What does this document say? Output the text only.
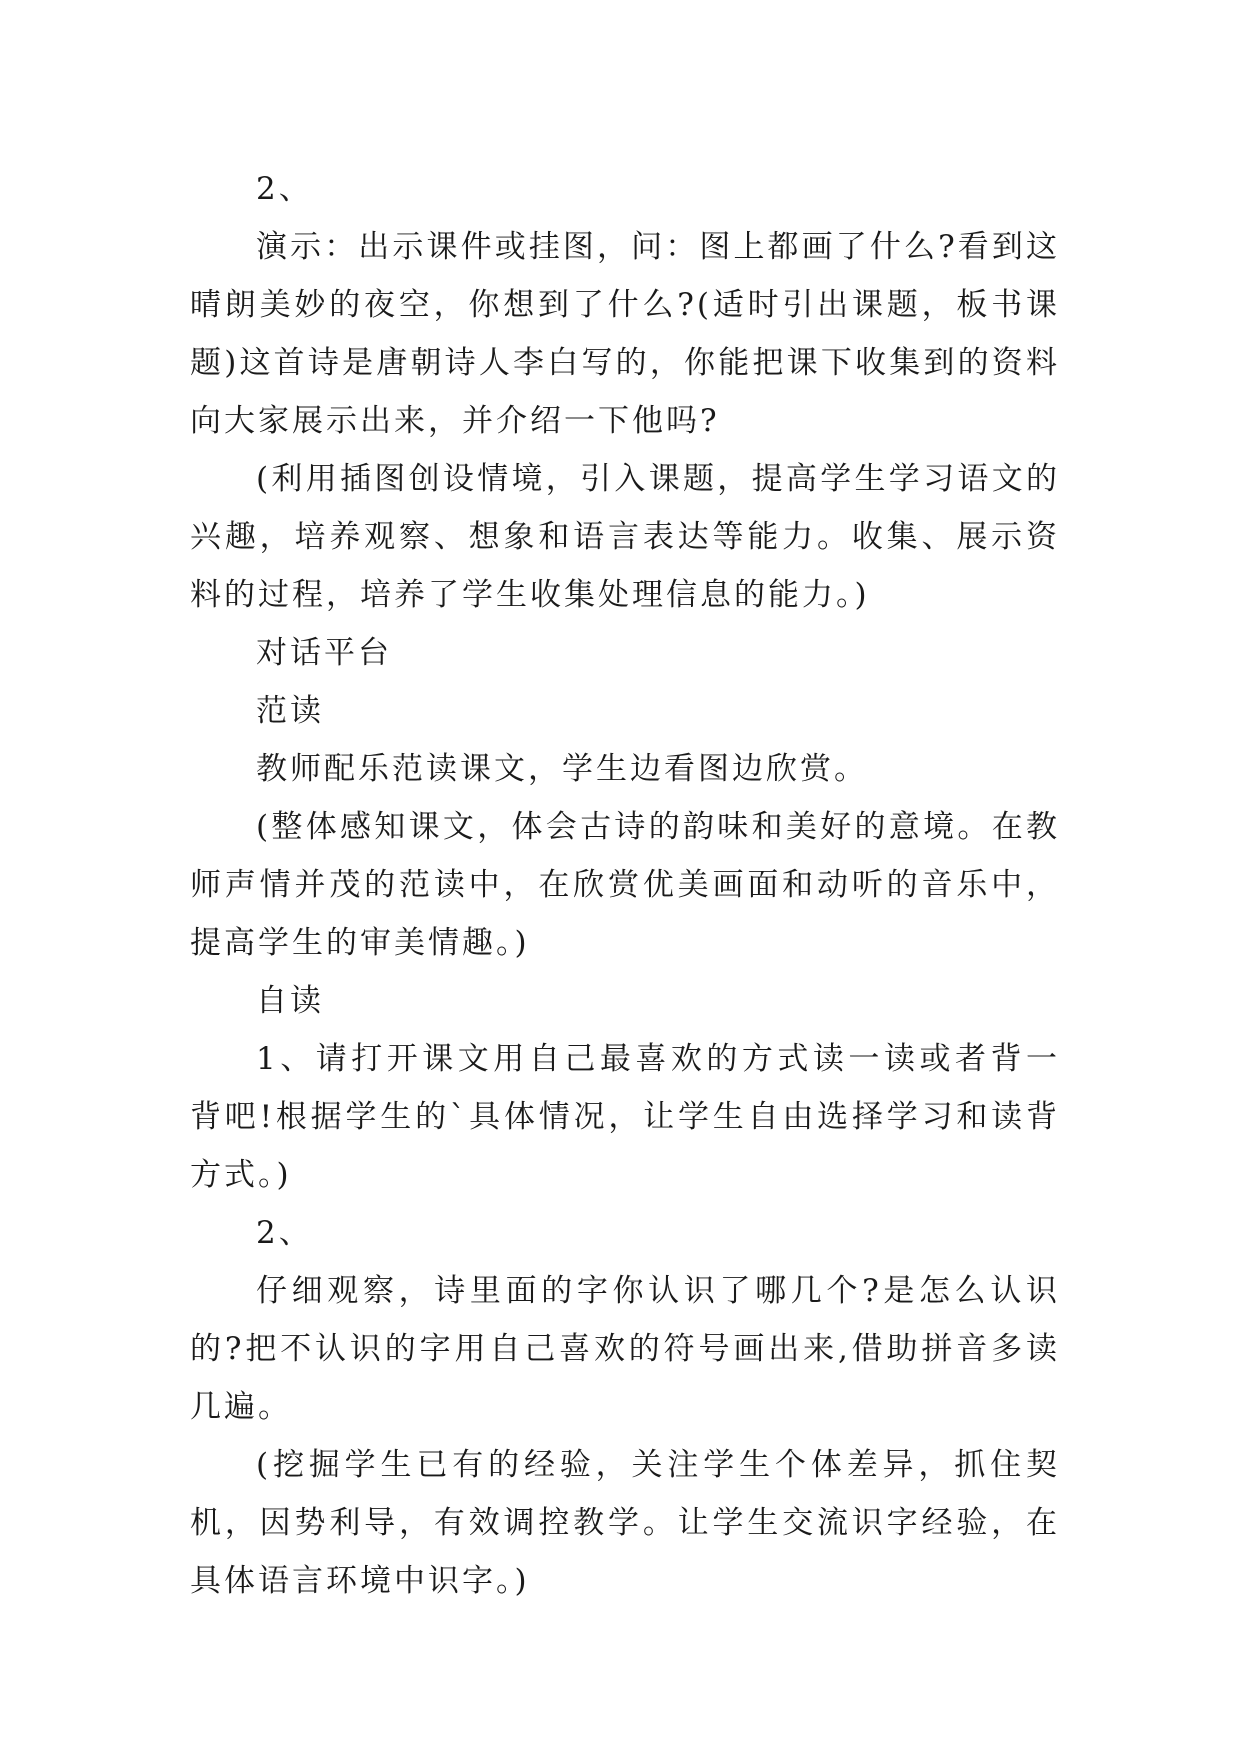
2、

演示：出示课件或挂图，问：图上都画了什么?看到这晴朗美妙的夜空，你想到了什么?(适时引出课题，板书课题)这首诗是唐朝诗人李白写的，你能把课下收集到的资料向大家展示出来，并介绍一下他吗?

(利用插图创设情境，引入课题，提高学生学习语文的兴趣，培养观察、想象和语言表达等能力。收集、展示资料的过程，培养了学生收集处理信息的能力。)

对话平台

范读

教师配乐范读课文，学生边看图边欣赏。

(整体感知课文，体会古诗的韵味和美好的意境。在教师声情并茂的范读中，在欣赏优美画面和动听的音乐中，提高学生的审美情趣。)

自读

1、请打开课文用自己最喜欢的方式读一读或者背一背吧!根据学生的`具体情况，让学生自由选择学习和读背方式。)

2、

仔细观察，诗里面的字你认识了哪几个?是怎么认识的?把不认识的字用自己喜欢的符号画出来,借助拼音多读几遍。

(挖掘学生已有的经验，关注学生个体差异，抓住契机，因势利导，有效调控教学。让学生交流识字经验，在具体语言环境中识字。)
